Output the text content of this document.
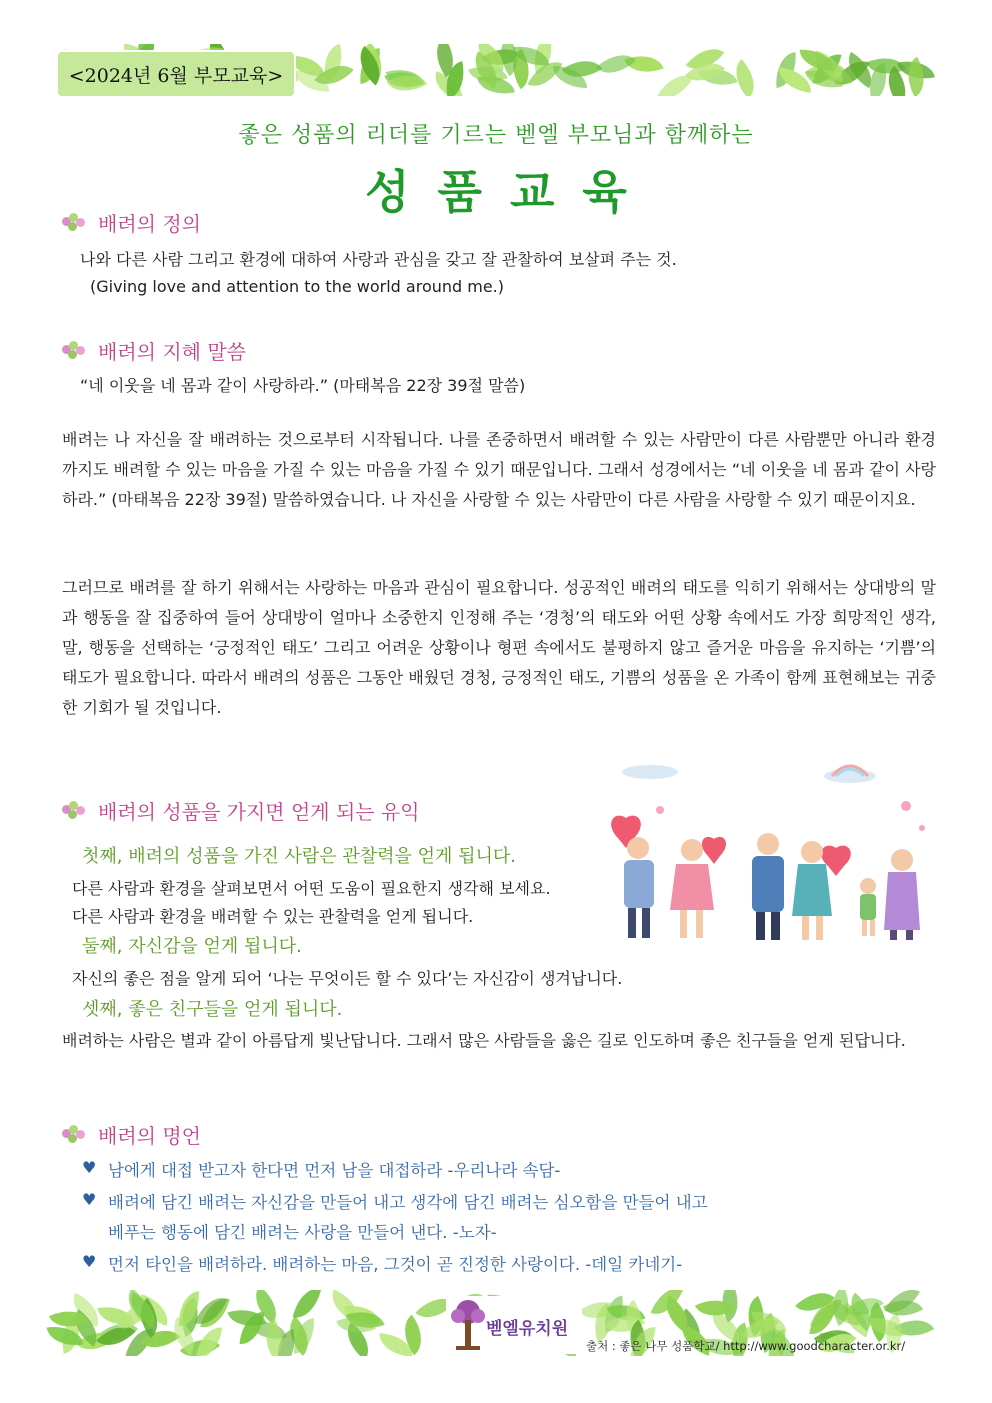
<2024년 6월 부모교육>
좋은 성품의 리더를 기르는 벧엘 부모님과 함께하는
성품교육
배려의 정의
나와 다른 사람 그리고 환경에 대하여 사랑과 관심을 갖고 잘 관찰하여 보살펴 주는 것.
(Giving love and attention to the world around me.)
배려의 지혜 말씀
“네 이웃을 네 몸과 같이 사랑하라.” (마태복음 22장 39절 말씀)
배려는 나 자신을 잘 배려하는 것으로부터 시작됩니다. 나를 존중하면서 배려할 수 있는 사람만이 다른 사람뿐만 아니라 환경까지도 배려할 수 있는 마음을 가질 수 있는 마음을 가질 수 있기 때문입니다. 그래서 성경에서는 “네 이웃을 네 몸과 같이 사랑하라.” (마태복음 22장 39절) 말씀하였습니다. 나 자신을 사랑할 수 있는 사람만이 다른 사람을 사랑할 수 있기 때문이지요.
그러므로 배려를 잘 하기 위해서는 사랑하는 마음과 관심이 필요합니다. 성공적인 배려의 태도를 익히기 위해서는 상대방의 말과 행동을 잘 집중하여 들어 상대방이 얼마나 소중한지 인정해 주는 ‘경청’의 태도와 어떤 상황 속에서도 가장 희망적인 생각, 말, 행동을 선택하는 ‘긍정적인 태도’ 그리고 어려운 상황이나 형편 속에서도 불평하지 않고 즐거운 마음을 유지하는 ‘기쁨’의 태도가 필요합니다. 따라서 배려의 성품은 그동안 배웠던 경청, 긍정적인 태도, 기쁨의 성품을 온 가족이 함께 표현해보는 귀중한 기회가 될 것입니다.
배려의 성품을 가지면 얻게 되는 유익
첫째, 배려의 성품을 가진 사람은 관찰력을 얻게 됩니다.
다른 사람과 환경을 살펴보면서 어떤 도움이 필요한지 생각해 보세요.
다른 사람과 환경을 배려할 수 있는 관찰력을 얻게 됩니다.
둘째, 자신감을 얻게 됩니다.
자신의 좋은 점을 알게 되어 ‘나는 무엇이든 할 수 있다’는 자신감이 생겨납니다.
셋째, 좋은 친구들을 얻게 됩니다.
배려하는 사람은 별과 같이 아름답게 빛난답니다. 그래서 많은 사람들을 옳은 길로 인도하며 좋은 친구들을 얻게 된답니다.
배려의 명언
♥ 남에게 대접 받고자 한다면 먼저 남을 대접하라 -우리나라 속담-
♥ 배려에 담긴 배려는 자신감을 만들어 내고 생각에 담긴 배려는 심오함을 만들어 내고
베푸는 행동에 담긴 배려는 사랑을 만들어 낸다. -노자-
♥ 먼저 타인을 배려하라. 배려하는 마음, 그것이 곧 진정한 사랑이다. -데일 카네기-
벧엘유치원
출처 : 좋은 나무 성품학교/ http://www.goodcharacter.or.kr/
